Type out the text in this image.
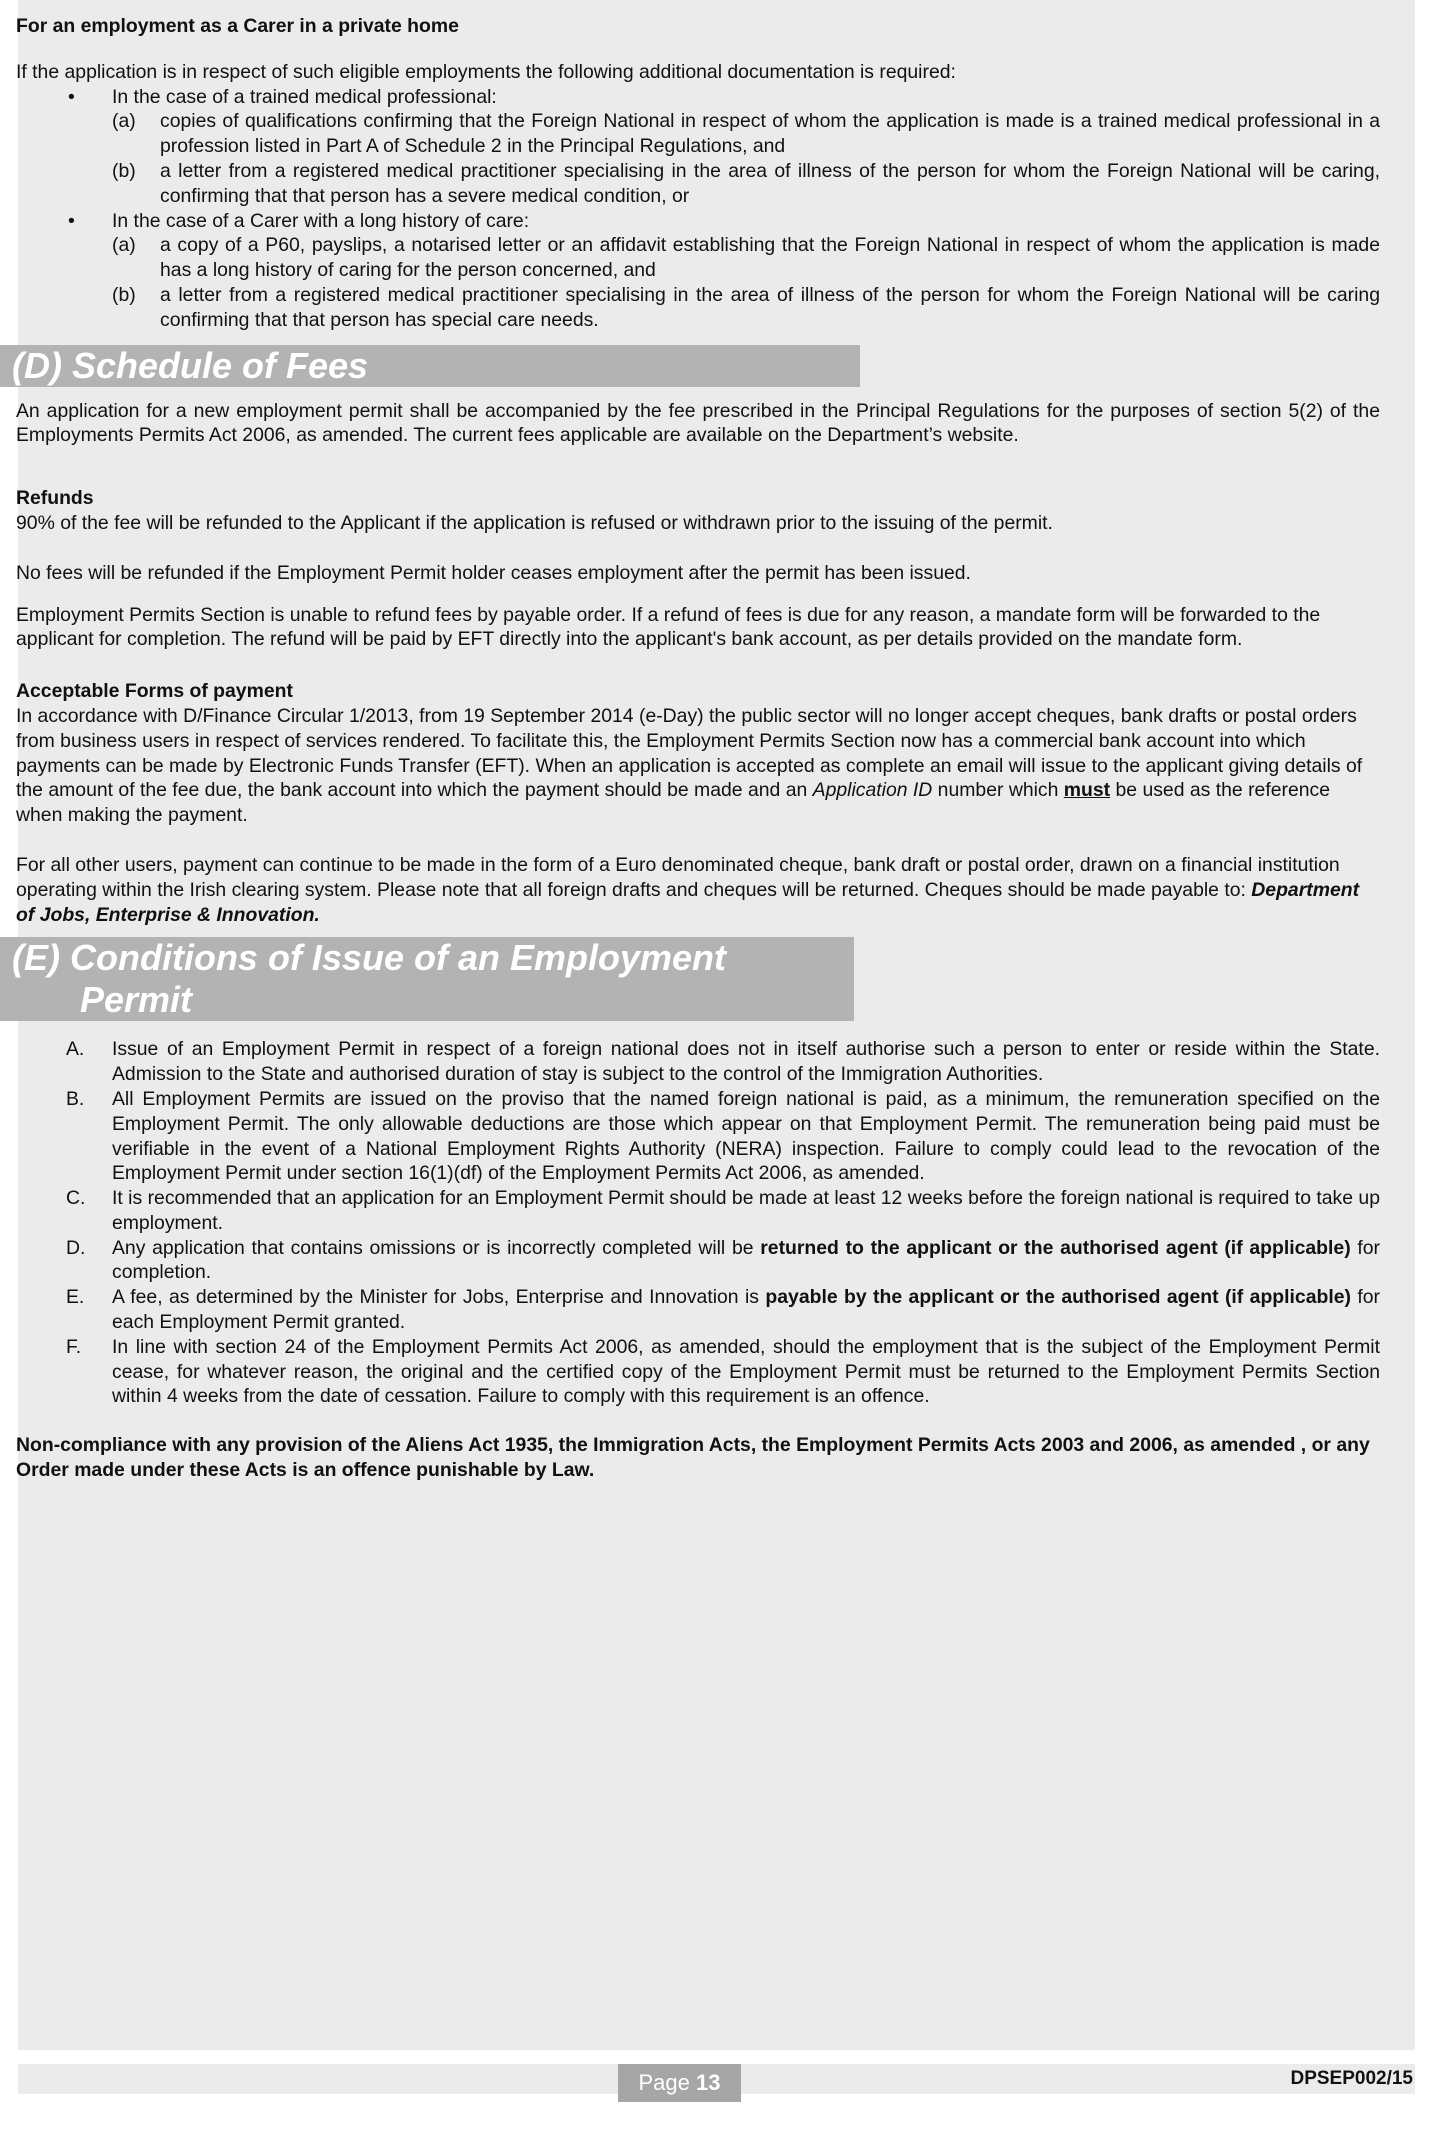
For an employment as a Carer in a private home

If the application is in respect of such eligible employments the following additional documentation is required:

• In the case of a trained medical professional:
(a) copies of qualifications confirming that the Foreign National in respect of whom the application is made is a trained medical professional in a profession listed in Part A of Schedule 2 in the Principal Regulations, and
(b) a letter from a registered medical practitioner specialising in the area of illness of the person for whom the Foreign National will be caring, confirming that that person has a severe medical condition, or
• In the case of a Carer with a long history of care:
(a) a copy of a P60, payslips, a notarised letter or an affidavit establishing that the Foreign National in respect of whom the application is made has a long history of caring for the person concerned, and
(b) a letter from a registered medical practitioner specialising in the area of illness of the person for whom the Foreign National will be caring confirming that that person has special care needs.
(D) Schedule of Fees

An application for a new employment permit shall be accompanied by the fee prescribed in the Principal Regulations for the purposes of section 5(2) of the Employments Permits Act 2006, as amended. The current fees applicable are available on the Department’s website.

Refunds

90% of the fee will be refunded to the Applicant if the application is refused or withdrawn prior to the issuing of the permit.

No fees will be refunded if the Employment Permit holder ceases employment after the permit has been issued.

Employment Permits Section is unable to refund fees by payable order. If a refund of fees is due for any reason, a mandate form will be forwarded to the applicant for completion. The refund will be paid by EFT directly into the applicant's bank account, as per details provided on the mandate form.

Acceptable Forms of payment

In accordance with D/Finance Circular 1/2013, from 19 September 2014 (e-Day) the public sector will no longer accept cheques, bank drafts or postal orders from business users in respect of services rendered. To facilitate this, the Employment Permits Section now has a commercial bank account into which payments can be made by Electronic Funds Transfer (EFT). When an application is accepted as complete an email will issue to the applicant giving details of the amount of the fee due, the bank account into which the payment should be made and an Application ID number which must be used as the reference when making the payment.

For all other users, payment can continue to be made in the form of a Euro denominated cheque, bank draft or postal order, drawn on a financial institution operating within the Irish clearing system. Please note that all foreign drafts and cheques will be returned. Cheques should be made payable to: Department of Jobs, Enterprise & Innovation.

(E) Conditions of Issue of an Employment
Permit
A. Issue of an Employment Permit in respect of a foreign national does not in itself authorise such a person to enter or reside within the State. Admission to the State and authorised duration of stay is subject to the control of the Immigration Authorities.
B. All Employment Permits are issued on the proviso that the named foreign national is paid, as a minimum, the remuneration specified on the Employment Permit. The only allowable deductions are those which appear on that Employment Permit. The remuneration being paid must be verifiable in the event of a National Employment Rights Authority (NERA) inspection. Failure to comply could lead to the revocation of the Employment Permit under section 16(1)(df) of the Employment Permits Act 2006, as amended.
C. It is recommended that an application for an Employment Permit should be made at least 12 weeks before the foreign national is required to take up employment.
D. Any application that contains omissions or is incorrectly completed will be returned to the applicant or the authorised agent (if applicable) for completion.
E. A fee, as determined by the Minister for Jobs, Enterprise and Innovation is payable by the applicant or the authorised agent (if applicable) for each Employment Permit granted.
F. In line with section 24 of the Employment Permits Act 2006, as amended, should the employment that is the subject of the Employment Permit cease, for whatever reason, the original and the certified copy of the Employment Permit must be returned to the Employment Permits Section within 4 weeks from the date of cessation. Failure to comply with this requirement is an offence.

Non-compliance with any provision of the Aliens Act 1935, the Immigration Acts, the Employment Permits Acts 2003 and 2006, as amended , or any Order made under these Acts is an offence punishable by Law.

Page 13	DPSEP002/15
